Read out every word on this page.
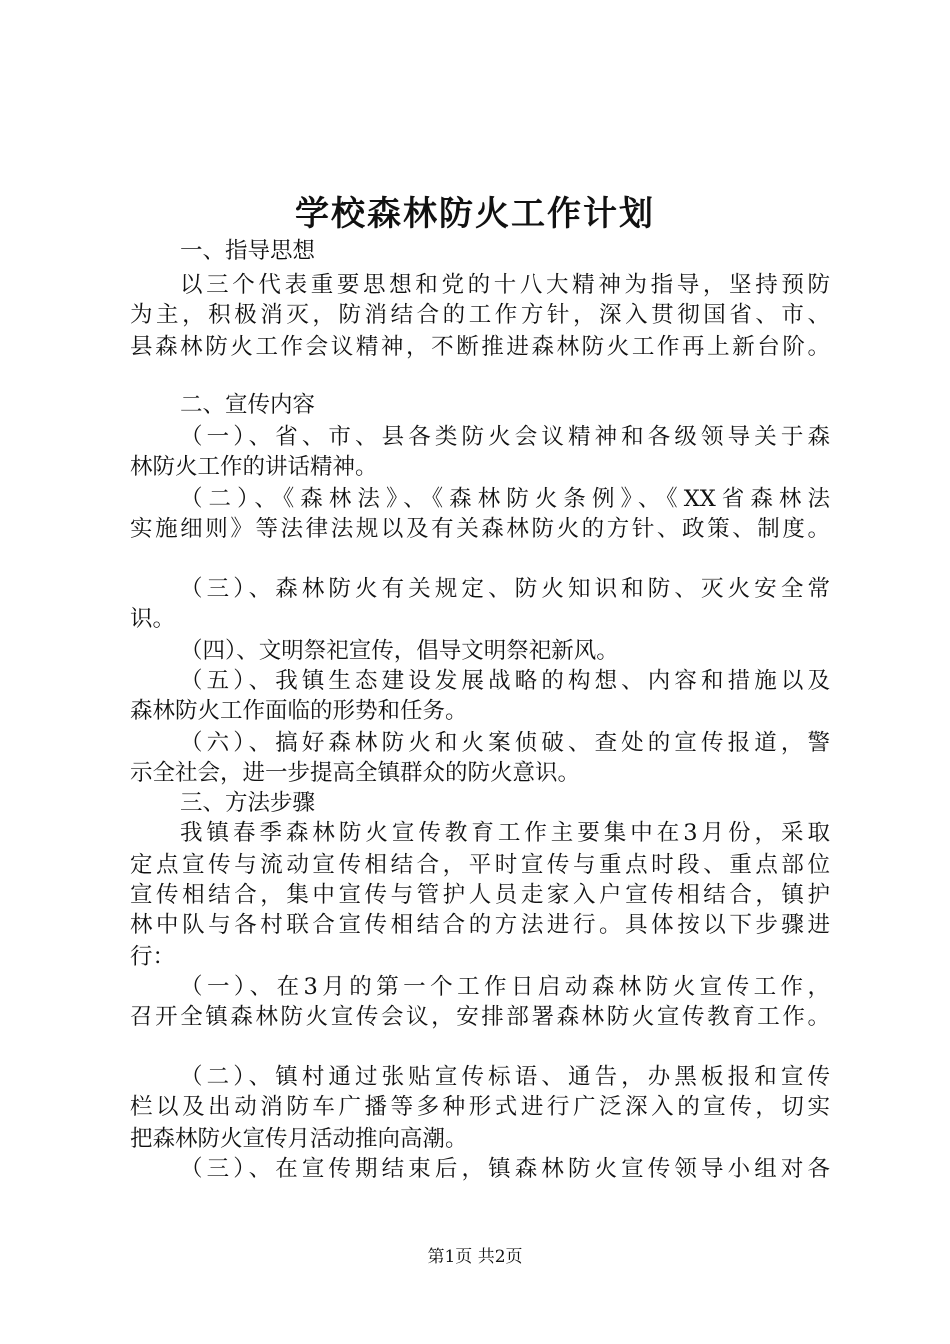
学校森林防火工作计划
一、指导思想
以三个代表重要思想和党的十八大精神为指导，坚持预防
为主，积极消灭，防消结合的工作方针，深入贯彻国省、市、
县森林防火工作会议精神，不断推进森林防火工作再上新台阶。
二、宣传内容
（一）、省、市、县各类防火会议精神和各级领导关于森
林防火工作的讲话精神。
（二）、《森林法》、《森林防火条例》、《XX省森林法
实施细则》等法律法规以及有关森林防火的方针、政策、制度。
（三）、森林防火有关规定、防火知识和防、灭火安全常
识。
（四）、文明祭祀宣传，倡导文明祭祀新风。
（五）、我镇生态建设发展战略的构想、内容和措施以及
森林防火工作面临的形势和任务。
（六）、搞好森林防火和火案侦破、查处的宣传报道，警
示全社会，进一步提高全镇群众的防火意识。
三、方法步骤
我镇春季森林防火宣传教育工作主要集中在3月份，采取
定点宣传与流动宣传相结合，平时宣传与重点时段、重点部位
宣传相结合，集中宣传与管护人员走家入户宣传相结合，镇护
林中队与各村联合宣传相结合的方法进行。具体按以下步骤进
行：
（一）、在3月的第一个工作日启动森林防火宣传工作，
召开全镇森林防火宣传会议，安排部署森林防火宣传教育工作。
（二）、镇村通过张贴宣传标语、通告，办黑板报和宣传
栏以及出动消防车广播等多种形式进行广泛深入的宣传，切实
把森林防火宣传月活动推向高潮。
（三）、在宣传期结束后，镇森林防火宣传领导小组对各
第1页 共2页
